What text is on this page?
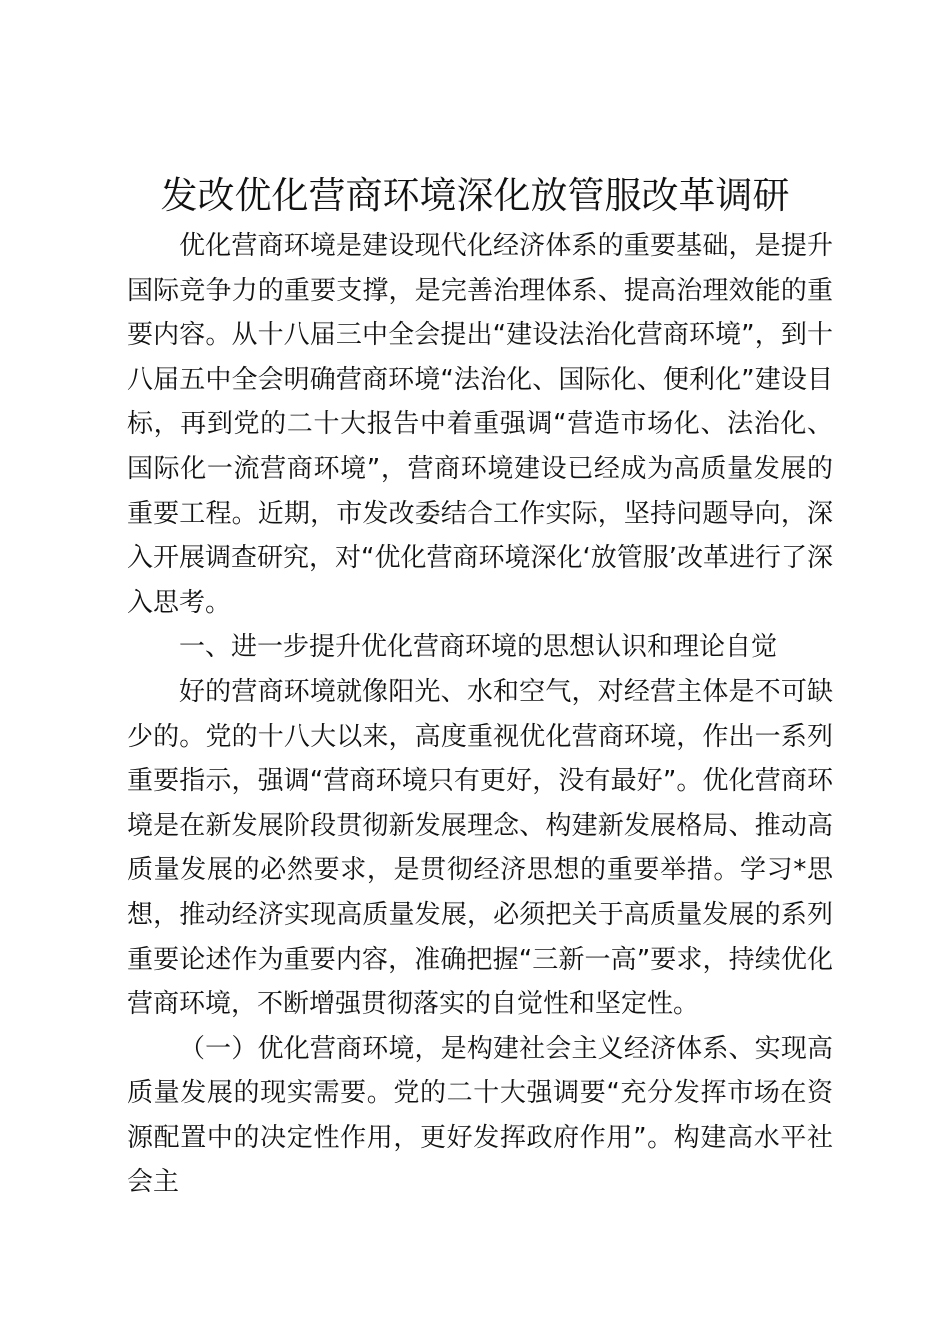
发改优化营商环境深化放管服改革调研

优化营商环境是建设现代化经济体系的重要基础，是提升国际竞争力的重要支撑，是完善治理体系、提高治理效能的重要内容。从十八届三中全会提出“建设法治化营商环境”，到十八届五中全会明确营商环境“法治化、国际化、便利化”建设目标，再到党的二十大报告中着重强调“营造市场化、法治化、国际化一流营商环境”，营商环境建设已经成为高质量发展的重要工程。近期，市发改委结合工作实际，坚持问题导向，深入开展调查研究，对“优化营商环境深化‘放管服’改革进行了深入思考。

一、进一步提升优化营商环境的思想认识和理论自觉

好的营商环境就像阳光、水和空气，对经营主体是不可缺少的。党的十八大以来，高度重视优化营商环境，作出一系列重要指示，强调“营商环境只有更好，没有最好”。优化营商环境是在新发展阶段贯彻新发展理念、构建新发展格局、推动高质量发展的必然要求，是贯彻经济思想的重要举措。学习*思想，推动经济实现高质量发展，必须把关于高质量发展的系列重要论述作为重要内容，准确把握“三新一高”要求，持续优化营商环境，不断增强贯彻落实的自觉性和坚定性。

（一）优化营商环境，是构建社会主义经济体系、实现高质量发展的现实需要。党的二十大强调要“充分发挥市场在资源配置中的决定性作用，更好发挥政府作用”。构建高水平社会主
